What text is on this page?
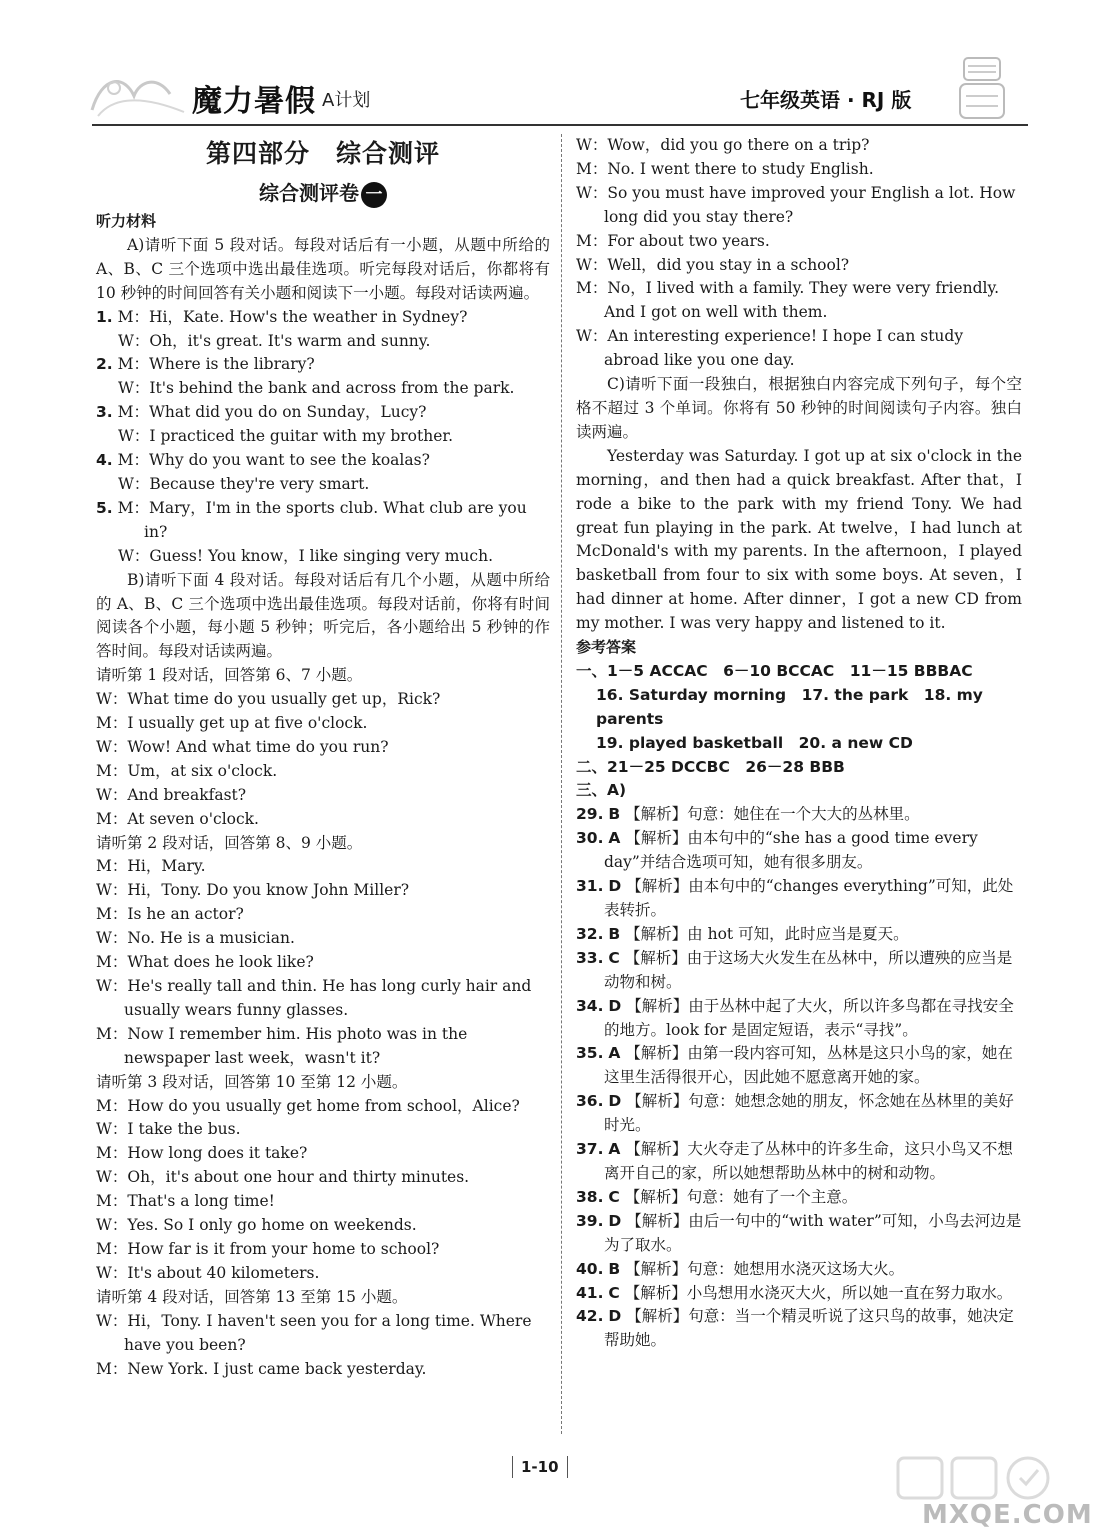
魔力暑假 A计划	七年级英语 · RJ 版
第四部分　综合测评
综合测评卷 一
听力材料

A)请听下面 5 段对话。每段对话后有一小题，从题中所给的 A、B、C 三个选项中选出最佳选项。听完每段对话后，你都将有 10 秒钟的时间回答有关小题和阅读下一小题。每段对话读两遍。

1. M：Hi，Kate. How's the weather in Sydney?
W：Oh，it's great. It's warm and sunny.
2. M：Where is the library?
W：It's behind the bank and across from the park.
3. M：What did you do on Sunday，Lucy?
W：I practiced the guitar with my brother.
4. M：Why do you want to see the koalas?
W：Because they're very smart.
5. M：Mary，I'm in the sports club. What club are you in?
W：Guess! You know，I like singing very much.

B)请听下面 4 段对话。每段对话后有几个小题，从题中所给的 A、B、C 三个选项中选出最佳选项。每段对话前，你将有时间阅读各个小题，每小题 5 秒钟；听完后，各小题给出 5 秒钟的作答时间。每段对话读两遍。

请听第 1 段对话，回答第 6、7 小题。
W：What time do you usually get up，Rick?
M：I usually get up at five o'clock.
W：Wow! And what time do you run?
M：Um，at six o'clock.
W：And breakfast?
M：At seven o'clock.
请听第 2 段对话，回答第 8、9 小题。
M：Hi，Mary.
W：Hi，Tony. Do you know John Miller?
M：Is he an actor?
W：No. He is a musician.
M：What does he look like?
W：He's really tall and thin. He has long curly hair and usually wears funny glasses.
M：Now I remember him. His photo was in the newspaper last week，wasn't it?
请听第 3 段对话，回答第 10 至第 12 小题。
M：How do you usually get home from school，Alice?
W：I take the bus.
M：How long does it take?
W：Oh，it's about one hour and thirty minutes.
M：That's a long time!
W：Yes. So I only go home on weekends.
M：How far is it from your home to school?
W：It's about 40 kilometers.
请听第 4 段对话，回答第 13 至第 15 小题。
W：Hi，Tony. I haven't seen you for a long time. Where have you been?
M：New York. I just came back yesterday.
W：Wow，did you go there on a trip?
M：No. I went there to study English.
W：So you must have improved your English a lot. How long did you stay there?
M：For about two years.
W：Well，did you stay in a school?
M：No，I lived with a family. They were very friendly. And I got on well with them.
W：An interesting experience! I hope I can study abroad like you one day.

C)请听下面一段独白，根据独白内容完成下列句子，每个空格不超过 3 个单词。你将有 50 秒钟的时间阅读句子内容。独白读两遍。

Yesterday was Saturday. I got up at six o'clock in the morning，and then had a quick breakfast. After that，I rode a bike to the park with my friend Tony. We had great fun playing in the park. At twelve，I had lunch at McDonald's with my parents. In the afternoon，I played basketball from four to six with some boys. At seven，I had dinner at home. After dinner，I got a new CD from my mother. I was very happy and listened to it.

参考答案
一、1－5 ACCAC　6－10 BCCAC　11－15 BBBAC
16. Saturday morning　17. the park　18. my parents
19. played basketball　20. a new CD
二、21－25 DCCBC　26－28 BBB
三、A)
29. B 【解析】句意：她住在一个大大的丛林里。
30. A 【解析】由本句中的“she has a good time every day”并结合选项可知，她有很多朋友。
31. D 【解析】由本句中的“changes everything”可知，此处表转折。
32. B 【解析】由 hot 可知，此时应当是夏天。
33. C 【解析】由于这场大火发生在丛林中，所以遭殃的应当是动物和树。
34. D 【解析】由于丛林中起了大火，所以许多鸟都在寻找安全的地方。look for 是固定短语，表示“寻找”。
35. A 【解析】由第一段内容可知，丛林是这只小鸟的家，她在这里生活得很开心，因此她不愿意离开她的家。
36. D 【解析】句意：她想念她的朋友，怀念她在丛林里的美好时光。
37. A 【解析】大火夺走了丛林中的许多生命，这只小鸟又不想离开自己的家，所以她想帮助丛林中的树和动物。
38. C 【解析】句意：她有了一个主意。
39. D 【解析】由后一句中的“with water”可知，小鸟去河边是为了取水。
40. B 【解析】句意：她想用水浇灭这场大火。
41. C 【解析】小鸟想用水浇灭大火，所以她一直在努力取水。
42. D 【解析】句意：当一个精灵听说了这只鸟的故事，她决定帮助她。
1-10
MXQE.COM
